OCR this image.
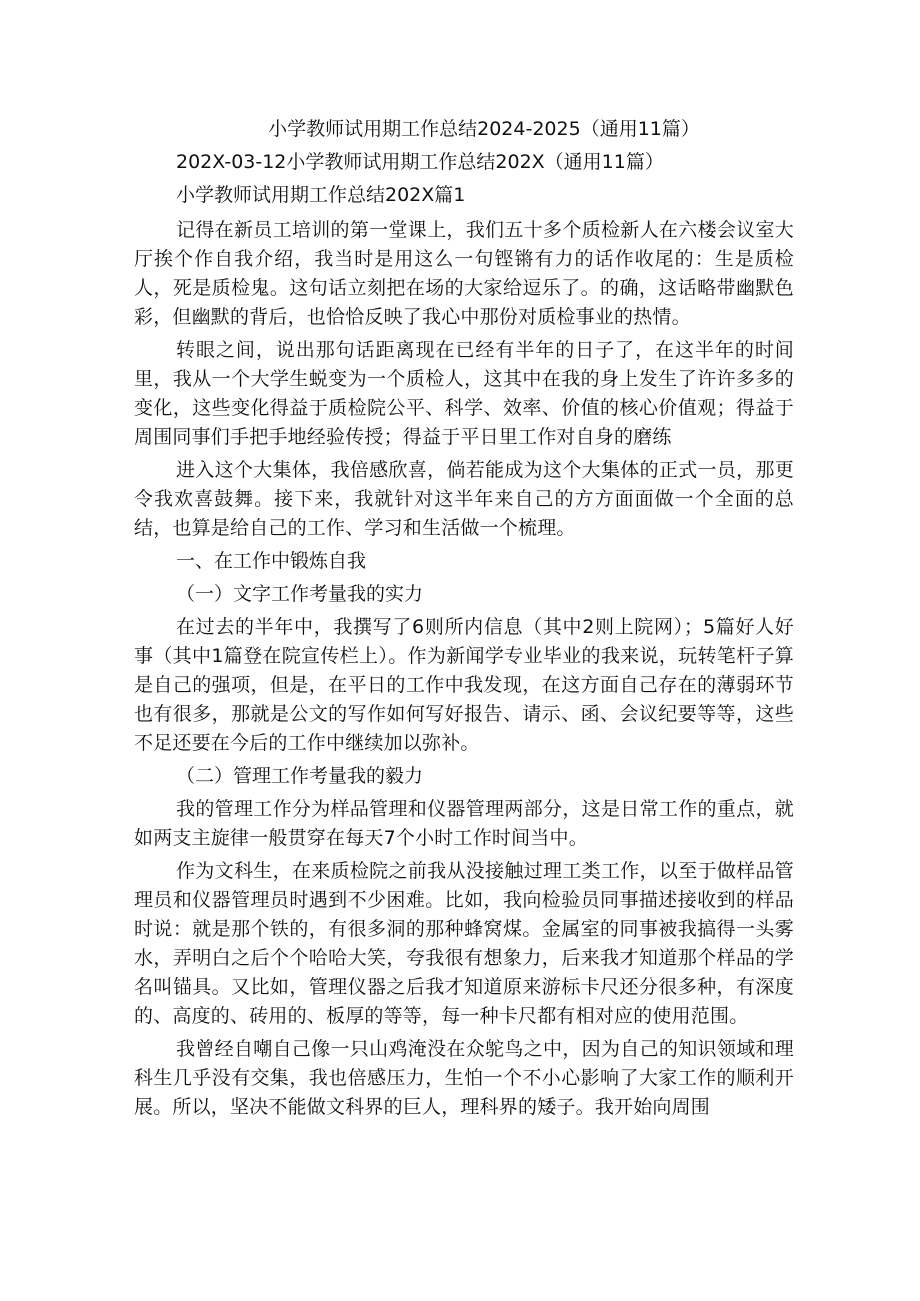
小学教师试用期工作总结2024-2025（通用11篇）

202X-03-12小学教师试用期工作总结202X（通用11篇）

小学教师试用期工作总结202X篇1

记得在新员工培训的第一堂课上，我们五十多个质检新人在六楼会议室大厅挨个作自我介绍，我当时是用这么一句铿锵有力的话作收尾的：生是质检人，死是质检鬼。这句话立刻把在场的大家给逗乐了。的确，这话略带幽默色彩，但幽默的背后，也恰恰反映了我心中那份对质检事业的热情。

转眼之间，说出那句话距离现在已经有半年的日子了，在这半年的时间里，我从一个大学生蜕变为一个质检人，这其中在我的身上发生了许许多多的变化，这些变化得益于质检院公平、科学、效率、价值的核心价值观；得益于周围同事们手把手地经验传授；得益于平日里工作对自身的磨练

进入这个大集体，我倍感欣喜，倘若能成为这个大集体的正式一员，那更令我欢喜鼓舞。接下来，我就针对这半年来自己的方方面面做一个全面的总结，也算是给自己的工作、学习和生活做一个梳理。

一、在工作中锻炼自我

（一）文字工作考量我的实力

在过去的半年中，我撰写了6则所内信息（其中2则上院网）；5篇好人好事（其中1篇登在院宣传栏上）。作为新闻学专业毕业的我来说，玩转笔杆子算是自己的强项，但是，在平日的工作中我发现，在这方面自己存在的薄弱环节也有很多，那就是公文的写作如何写好报告、请示、函、会议纪要等等，这些不足还要在今后的工作中继续加以弥补。

（二）管理工作考量我的毅力

我的管理工作分为样品管理和仪器管理两部分，这是日常工作的重点，就如两支主旋律一般贯穿在每天7个小时工作时间当中。

作为文科生，在来质检院之前我从没接触过理工类工作，以至于做样品管理员和仪器管理员时遇到不少困难。比如，我向检验员同事描述接收到的样品时说：就是那个铁的，有很多洞的那种蜂窝煤。金属室的同事被我搞得一头雾水，弄明白之后个个哈哈大笑，夸我很有想象力，后来我才知道那个样品的学名叫锚具。又比如，管理仪器之后我才知道原来游标卡尺还分很多种，有深度的、高度的、砖用的、板厚的等等，每一种卡尺都有相对应的使用范围。

我曾经自嘲自己像一只山鸡淹没在众鸵鸟之中，因为自己的知识领域和理科生几乎没有交集，我也倍感压力，生怕一个不小心影响了大家工作的顺利开展。所以，坚决不能做文科界的巨人，理科界的矮子。我开始向周围
